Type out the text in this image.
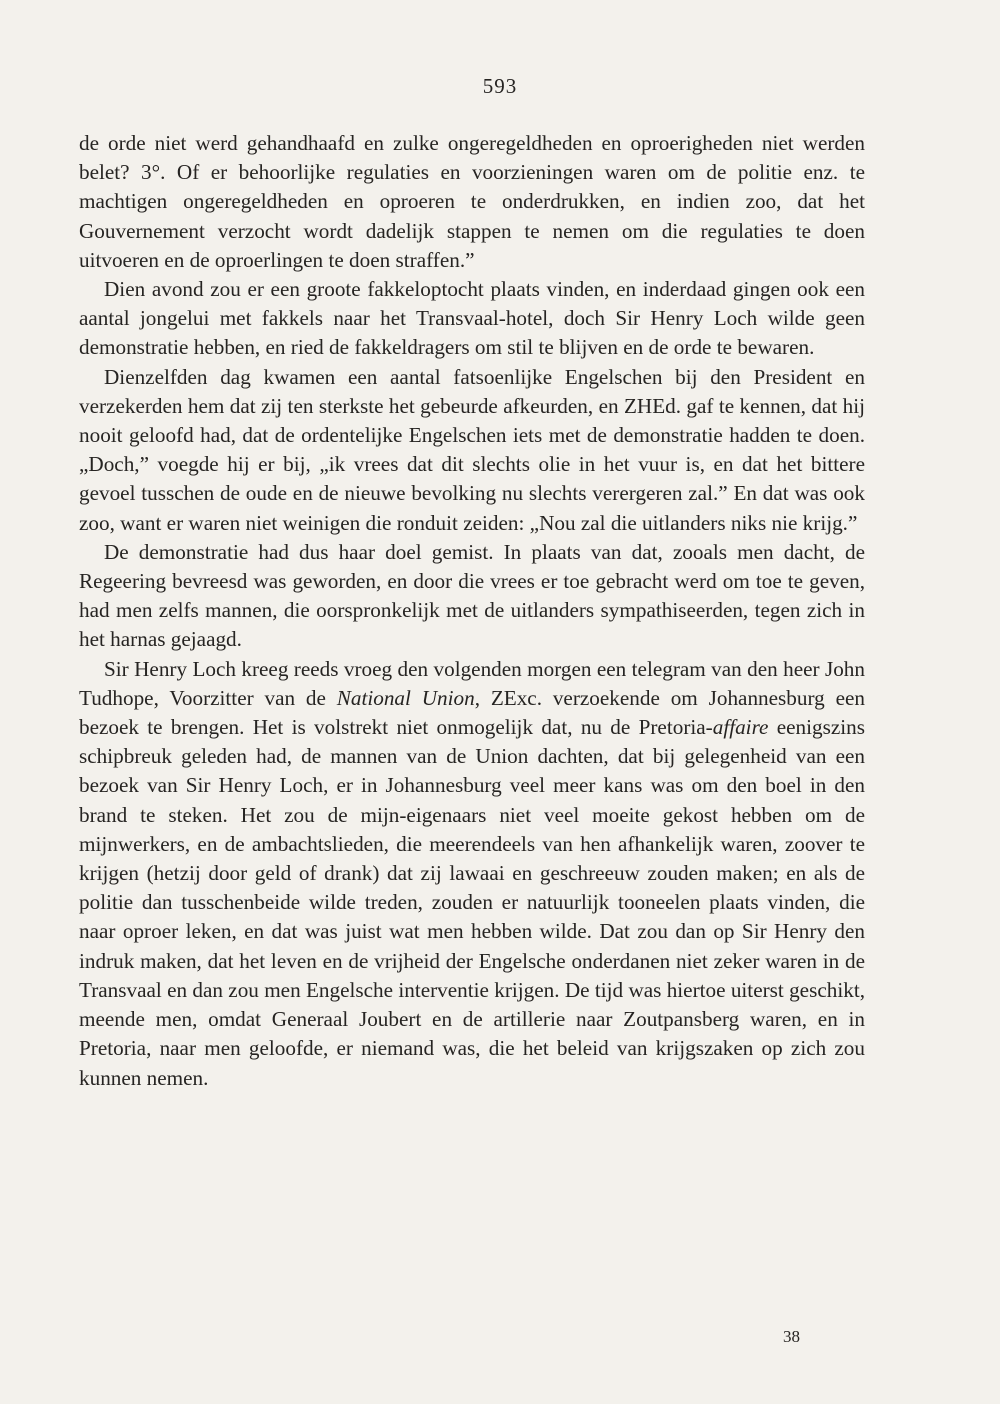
593

de orde niet werd gehandhaafd en zulke ongeregeldheden en oproerigheden niet werden belet? 3°. Of er behoorlijke regulaties en voorzieningen waren om de politie enz. te machtigen ongeregeldheden en oproeren te onderdrukken, en indien zoo, dat het Gouvernement verzocht wordt dadelijk stappen te nemen om die regulaties te doen uitvoeren en de oproerlingen te doen straffen.”

Dien avond zou er een groote fakkeloptocht plaats vinden, en inderdaad gingen ook een aantal jongelui met fakkels naar het Transvaal-hotel, doch Sir Henry Loch wilde geen demonstratie hebben, en ried de fakkeldragers om stil te blijven en de orde te bewaren.

Dienzelfden dag kwamen een aantal fatsoenlijke Engelschen bij den President en verzekerden hem dat zij ten sterkste het gebeurde afkeurden, en ZHEd. gaf te kennen, dat hij nooit geloofd had, dat de ordentelijke Engelschen iets met de demonstratie hadden te doen. „Doch,” voegde hij er bij, „ik vrees dat dit slechts olie in het vuur is, en dat het bittere gevoel tusschen de oude en de nieuwe bevolking nu slechts verergeren zal.” En dat was ook zoo, want er waren niet weinigen die ronduit zeiden: „Nou zal die uitlanders niks nie krijg.”

De demonstratie had dus haar doel gemist. In plaats van dat, zooals men dacht, de Regeering bevreesd was geworden, en door die vrees er toe gebracht werd om toe te geven, had men zelfs mannen, die oorspronkelijk met de uitlanders sympathiseerden, tegen zich in het harnas gejaagd.

Sir Henry Loch kreeg reeds vroeg den volgenden morgen een telegram van den heer John Tudhope, Voorzitter van de National Union, ZExc. verzoekende om Johannesburg een bezoek te brengen. Het is volstrekt niet onmogelijk dat, nu de Pretoria-affaire eenigszins schipbreuk geleden had, de mannen van de Union dachten, dat bij gelegenheid van een bezoek van Sir Henry Loch, er in Johannesburg veel meer kans was om den boel in den brand te steken. Het zou de mijn-eigenaars niet veel moeite gekost hebben om de mijnwerkers, en de ambachtslieden, die meerendeels van hen afhankelijk waren, zoover te krijgen (hetzij door geld of drank) dat zij lawaai en geschreeuw zouden maken; en als de politie dan tusschenbeide wilde treden, zouden er natuurlijk tooneelen plaats vinden, die naar oproer leken, en dat was juist wat men hebben wilde. Dat zou dan op Sir Henry den indruk maken, dat het leven en de vrijheid der Engelsche onderdanen niet zeker waren in de Transvaal en dan zou men Engelsche interventie krijgen. De tijd was hiertoe uiterst geschikt, meende men, omdat Generaal Joubert en de artillerie naar Zoutpansberg waren, en in Pretoria, naar men geloofde, er niemand was, die het beleid van krijgszaken op zich zou kunnen nemen.

38
